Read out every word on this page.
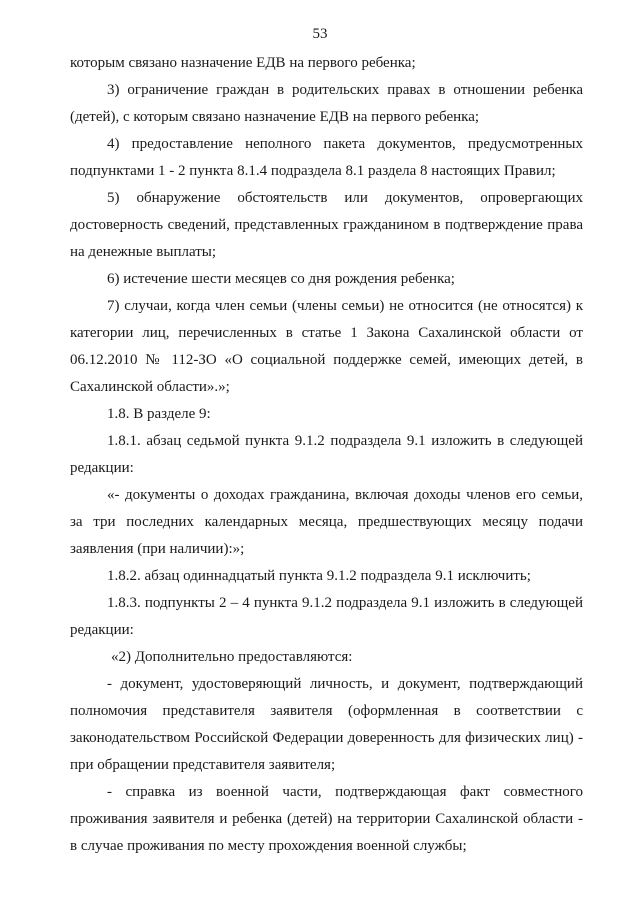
53

которым связано назначение ЕДВ на первого ребенка;

3) ограничение граждан в родительских правах в отношении ребенка (детей), с которым связано назначение ЕДВ на первого ребенка;

4) предоставление неполного пакета документов, предусмотренных подпунктами 1 - 2 пункта 8.1.4 подраздела 8.1 раздела 8 настоящих Правил;

5) обнаружение обстоятельств или документов, опровергающих достоверность сведений, представленных гражданином в подтверждение права на денежные выплаты;

6) истечение шести месяцев со дня рождения ребенка;

7) случаи, когда член семьи (члены семьи) не относится (не относятся) к категории лиц, перечисленных в статье 1 Закона Сахалинской области от 06.12.2010 № 112-ЗО «О социальной поддержке семей, имеющих детей, в Сахалинской области».»;

1.8. В разделе 9:

1.8.1. абзац седьмой пункта 9.1.2 подраздела 9.1 изложить в следующей редакции:

«- документы о доходах гражданина, включая доходы членов его семьи, за три последних календарных месяца, предшествующих месяцу подачи заявления (при наличии):»;

1.8.2. абзац одиннадцатый пункта 9.1.2 подраздела 9.1 исключить;

1.8.3. подпункты 2 – 4 пункта 9.1.2 подраздела 9.1 изложить в следующей редакции:

«2) Дополнительно предоставляются:

- документ, удостоверяющий личность, и документ, подтверждающий полномочия представителя заявителя (оформленная в соответствии с законодательством Российской Федерации доверенность для физических лиц) - при обращении представителя заявителя;

- справка из военной части, подтверждающая факт совместного проживания заявителя и ребенка (детей) на территории Сахалинской области - в случае проживания по месту прохождения военной службы;
